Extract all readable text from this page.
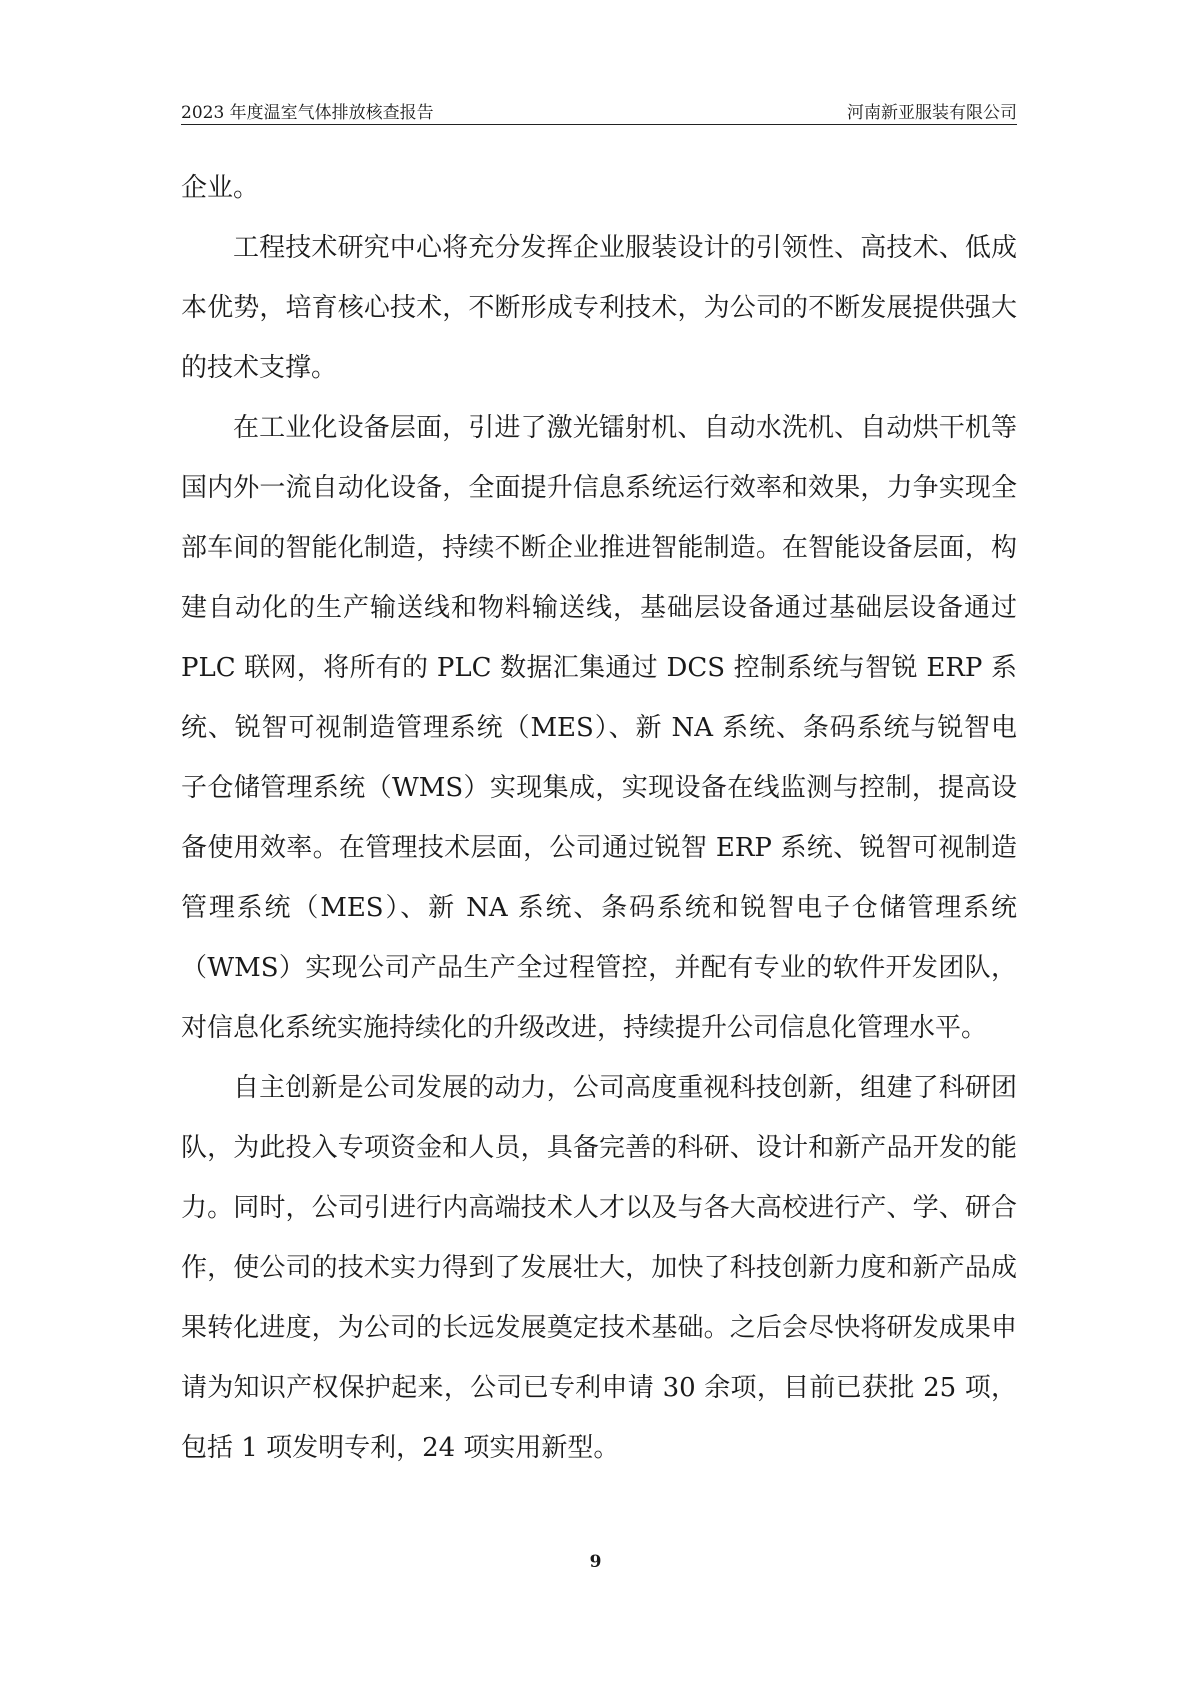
2023 年度温室气体排放核查报告	河南新亚服装有限公司

企业。

工程技术研究中心将充分发挥企业服装设计的引领性、高技术、低成本优势，培育核心技术，不断形成专利技术，为公司的不断发展提供强大的技术支撑。

在工业化设备层面，引进了激光镭射机、自动水洗机、自动烘干机等国内外一流自动化设备，全面提升信息系统运行效率和效果，力争实现全部车间的智能化制造，持续不断企业推进智能制造。在智能设备层面，构建自动化的生产输送线和物料输送线，基础层设备通过基础层设备通过 PLC 联网，将所有的 PLC 数据汇集通过 DCS 控制系统与智锐 ERP 系统、锐智可视制造管理系统（MES）、新 NA 系统、条码系统与锐智电子仓储管理系统（WMS）实现集成，实现设备在线监测与控制，提高设备使用效率。在管理技术层面，公司通过锐智 ERP 系统、锐智可视制造管理系统（MES）、新 NA 系统、条码系统和锐智电子仓储管理系统（WMS）实现公司产品生产全过程管控，并配有专业的软件开发团队，对信息化系统实施持续化的升级改进，持续提升公司信息化管理水平。

自主创新是公司发展的动力，公司高度重视科技创新，组建了科研团队，为此投入专项资金和人员，具备完善的科研、设计和新产品开发的能力。同时，公司引进行内高端技术人才以及与各大高校进行产、学、研合作，使公司的技术实力得到了发展壮大，加快了科技创新力度和新产品成果转化进度，为公司的长远发展奠定技术基础。之后会尽快将研发成果申请为知识产权保护起来，公司已专利申请 30 余项，目前已获批 25 项，包括 1 项发明专利，24 项实用新型。

9
